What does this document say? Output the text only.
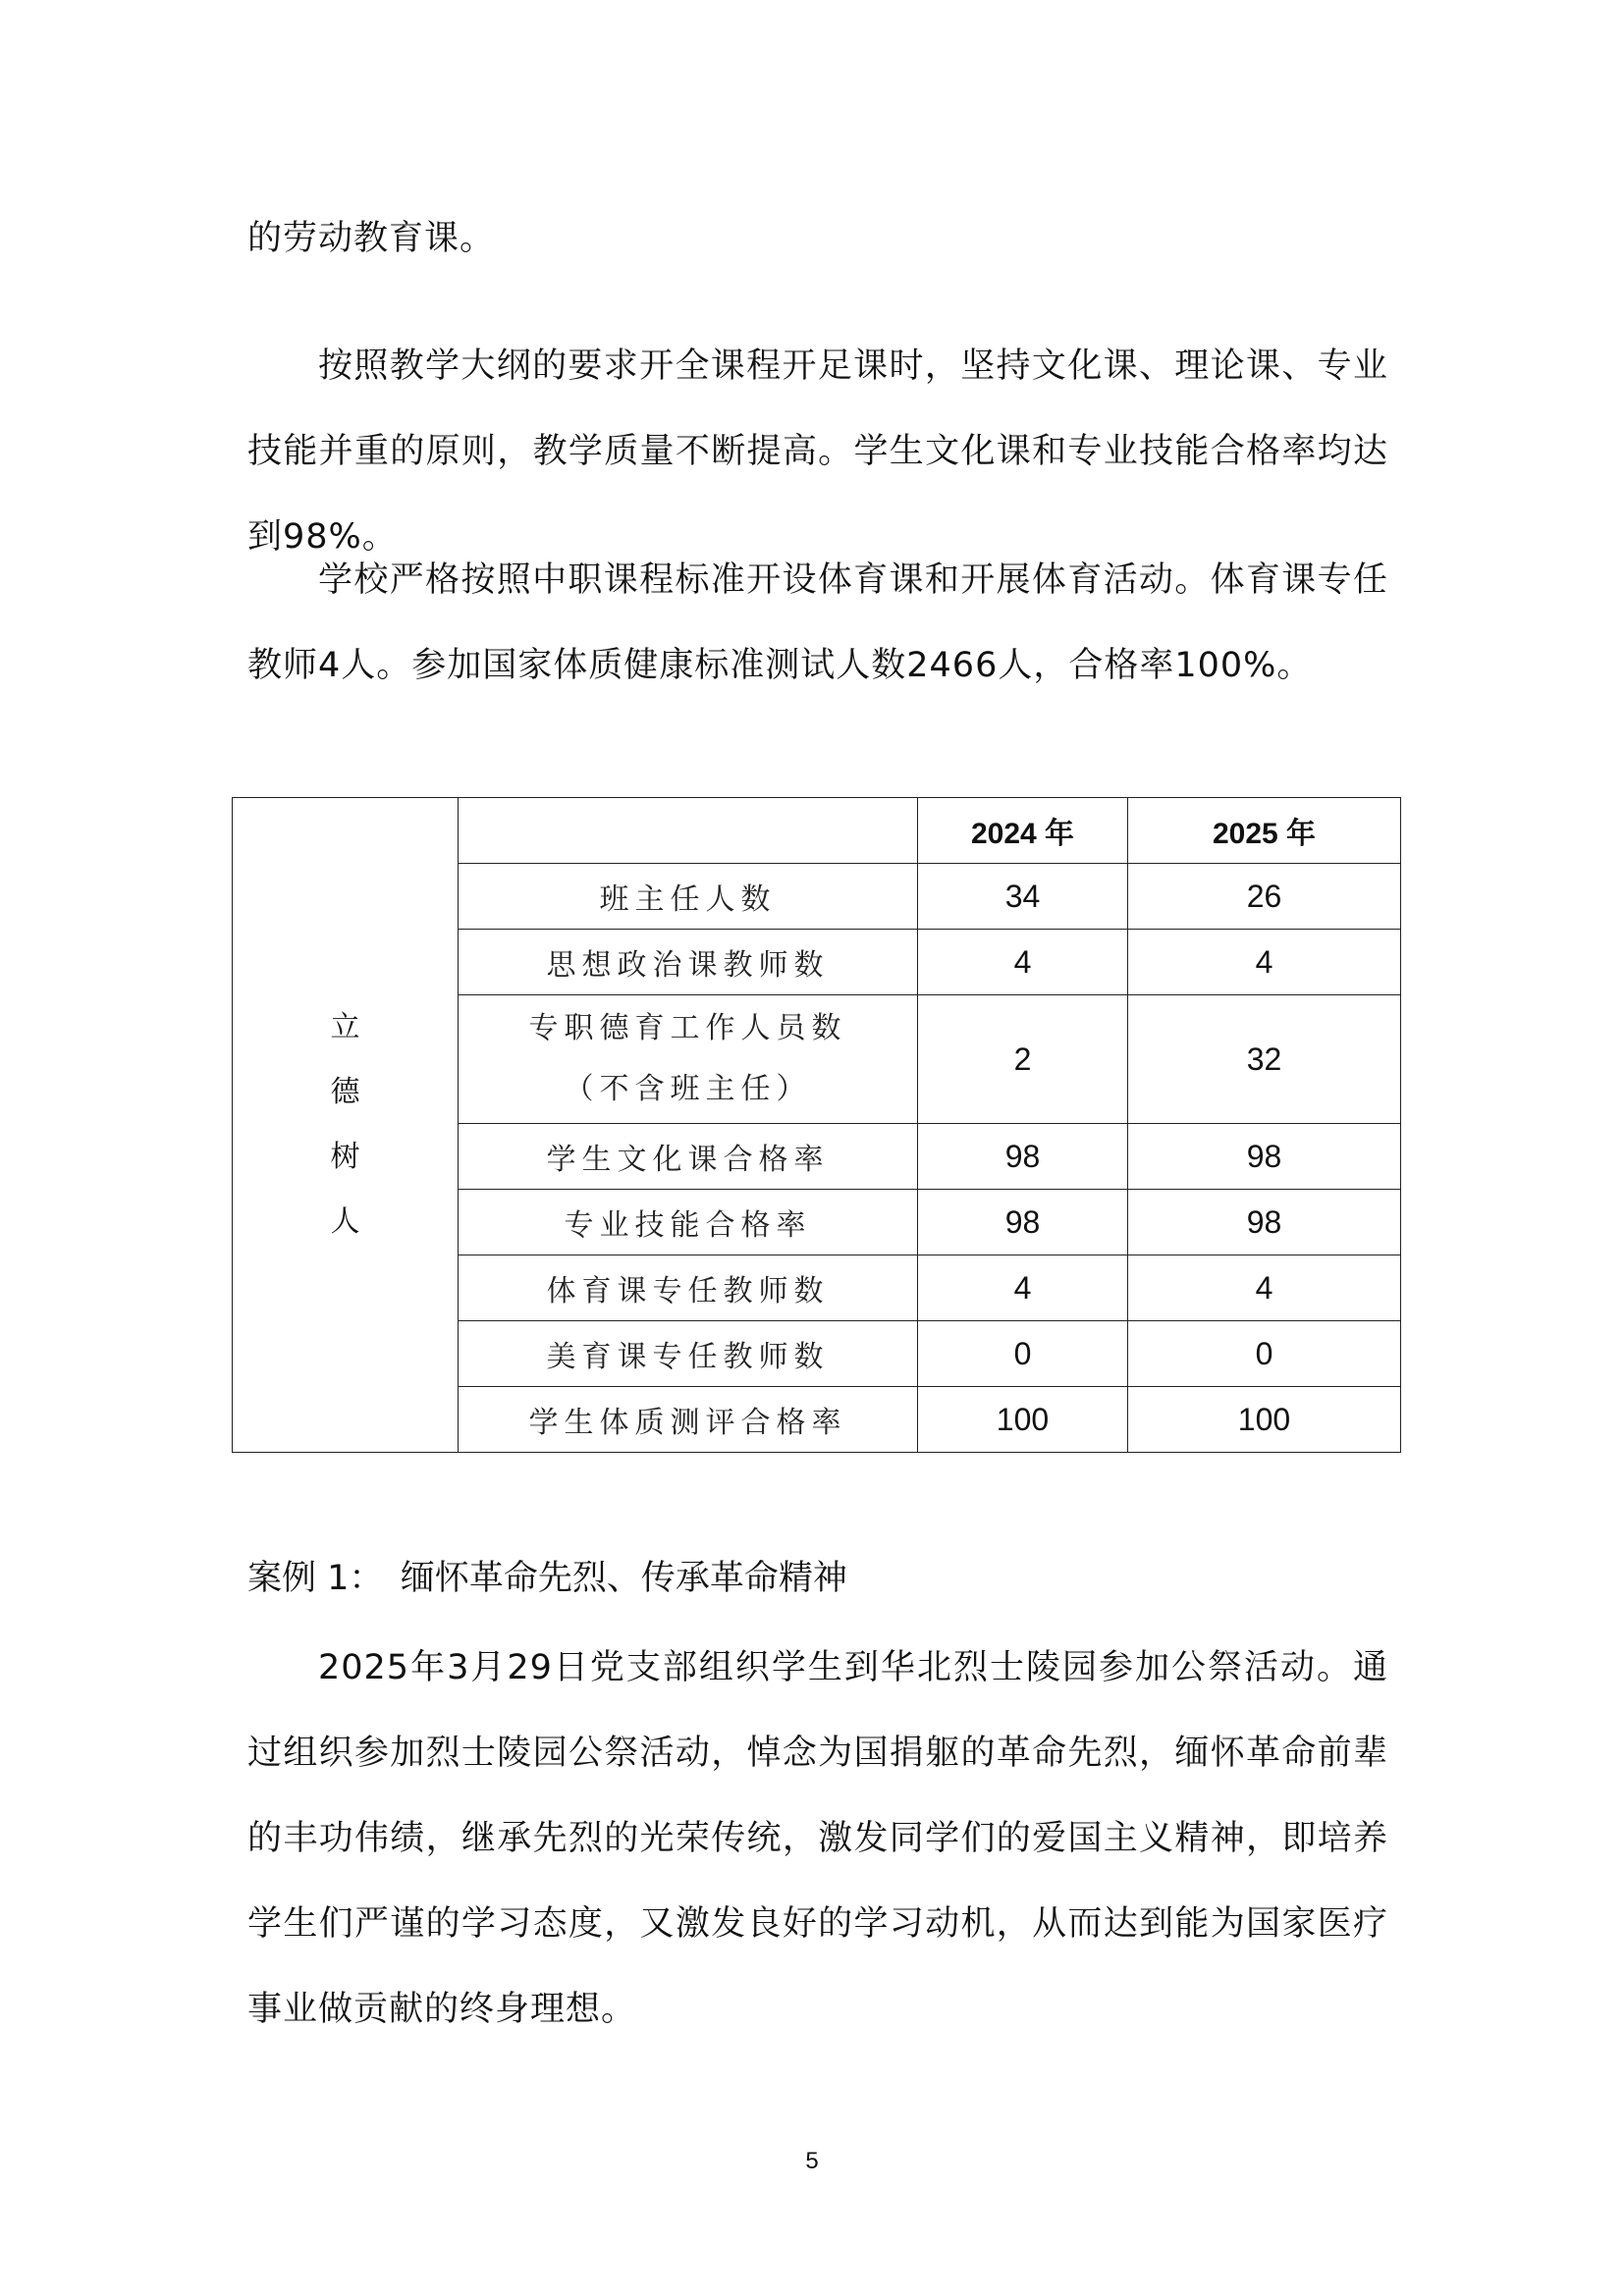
的劳动教育课。

按照教学大纲的要求开全课程开足课时，坚持文化课、理论课、专业技能并重的原则，教学质量不断提高。学生文化课和专业技能合格率均达到98%。

学校严格按照中职课程标准开设体育课和开展体育活动。体育课专任教师4人。参加国家体质健康标准测试人数2466人，合格率100%。

立
德
树
人		2024 年	2025 年
	班主任人数	34	26
	思想政治课教师数	4	4

	专职德育工作人员数
（不含班主任）	2	32
	学生文化课合格率	98	98
	专业技能合格率	98	98
	体育课专任教师数	4	4
	美育课专任教师数	0	0
	学生体质测评合格率	100	100

案例 1：　缅怀革命先烈、传承革命精神

2025年3月29日党支部组织学生到华北烈士陵园参加公祭活动。通过组织参加烈士陵园公祭活动，悼念为国捐躯的革命先烈，缅怀革命前辈的丰功伟绩，继承先烈的光荣传统，激发同学们的爱国主义精神，即培养学生们严谨的学习态度，又激发良好的学习动机，从而达到能为国家医疗事业做贡献的终身理想。

5
